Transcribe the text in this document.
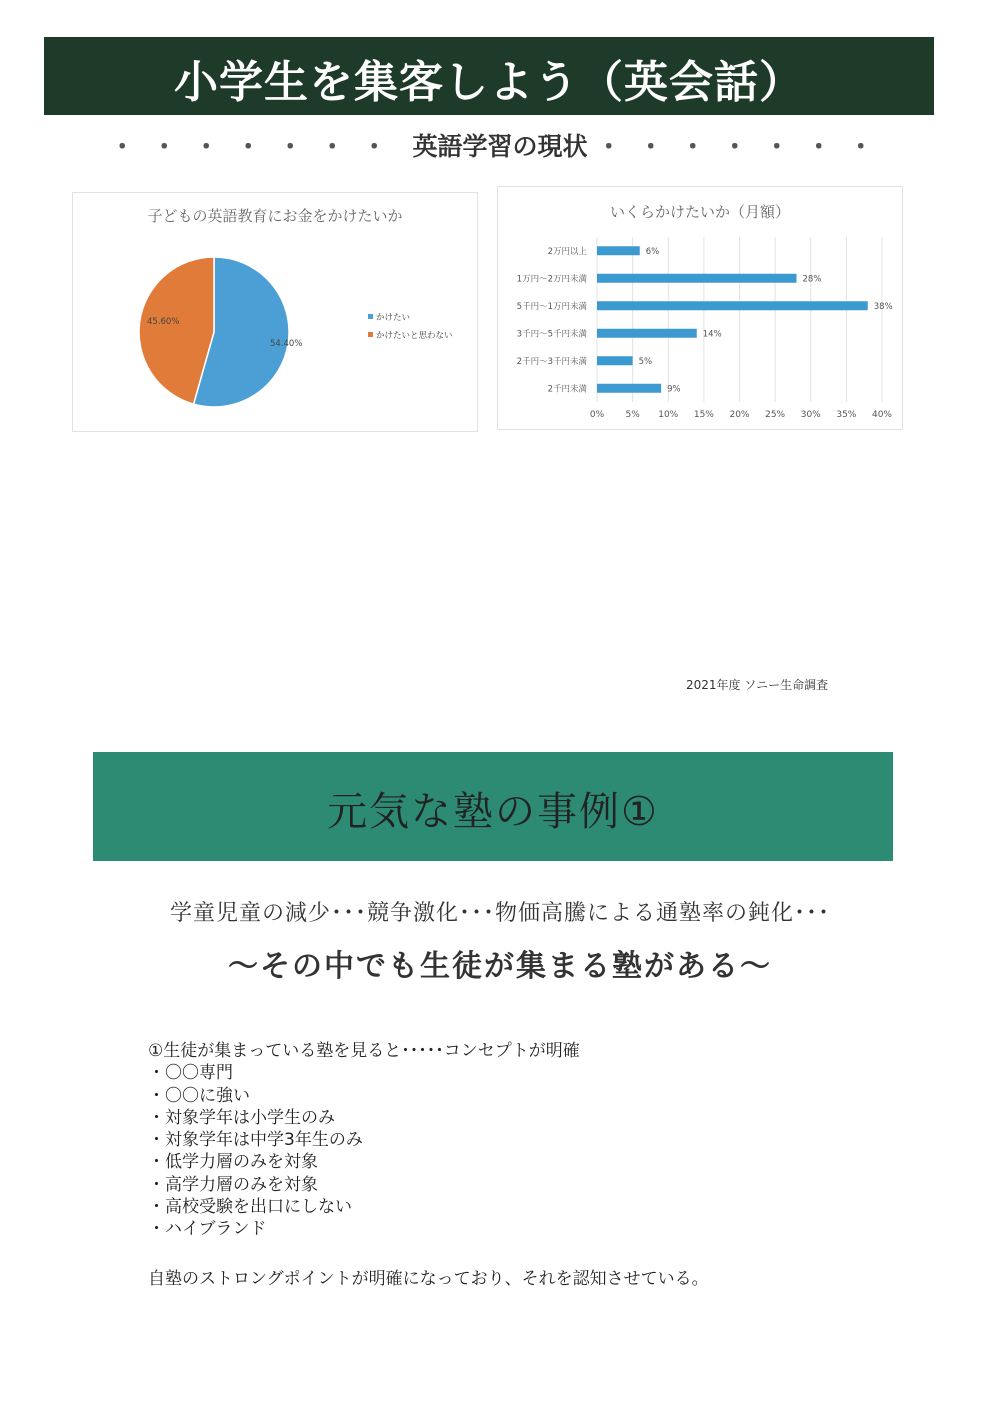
小学生を集客しよう（英会話）
・・・・・・・ 英語学習の現状 ・・・・・・・
子どもの英語教育にお金をかけたいか
54.40%
かけたい
45.60%
かけたいと思わない
いくらかけたいか（月額）
0% 5% 10% 15% 20% 25% 30% 35% 40%
2万円以上	6%
1万円～2万円未満	28%
5千円～1万円未満	38%
3千円～5千円未満	14%
2千円～3千円未満	5%
2千円未満	9%
2021年度 ソニー生命調査
元気な塾の事例①
学童児童の減少･･･競争激化･･･物価高騰による通塾率の鈍化･･･
～その中でも生徒が集まる塾がある～
①生徒が集まっている塾を見ると･････コンセプトが明確
・〇〇専門
・〇〇に強い
・対象学年は小学生のみ
・対象学年は中学3年生のみ
・低学力層のみを対象
・高学力層のみを対象
・高校受験を出口にしない
・ハイブランド
自塾のストロングポイントが明確になっており、それを認知させている。
